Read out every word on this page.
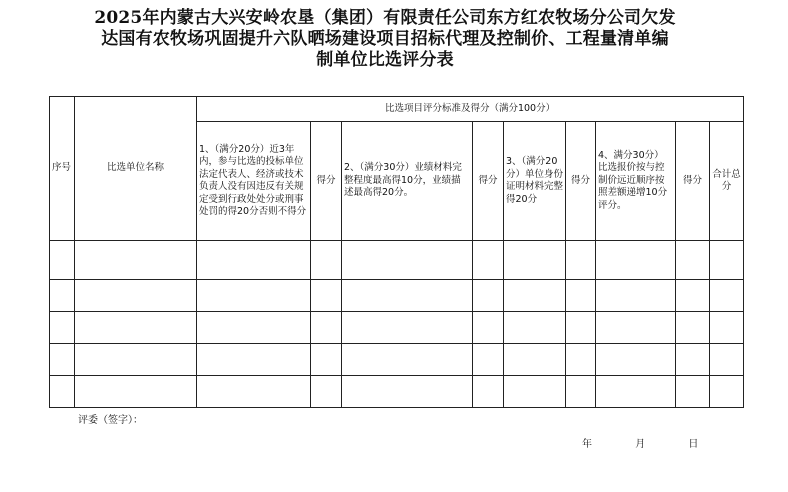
2025年内蒙古大兴安岭农垦（集团）有限责任公司东方红农牧场分公司欠发
达国有农牧场巩固提升六队晒场建设项目招标代理及控制价、工程量清单编
制单位比选评分表
序号	比选单位名称	比选项目评分标准及得分（满分100分）								
		1、（满分20分）近3年内，参与比选的投标单位法定代表人、经济或技术负责人没有因违反有关规定受到行政处处分或刑事处罚的得20分否则不得分	得分	2、（满分30分）业绩材料完整程度最高得10分，业绩描述最高得20分。	得分	3、（满分20分）单位身份证明材料完整得20分	得分	4、满分30分）比选报价按与控制价远近顺序按照差额递增10分评分。	得分	合计总分

评委（签字）：
年	月	日
